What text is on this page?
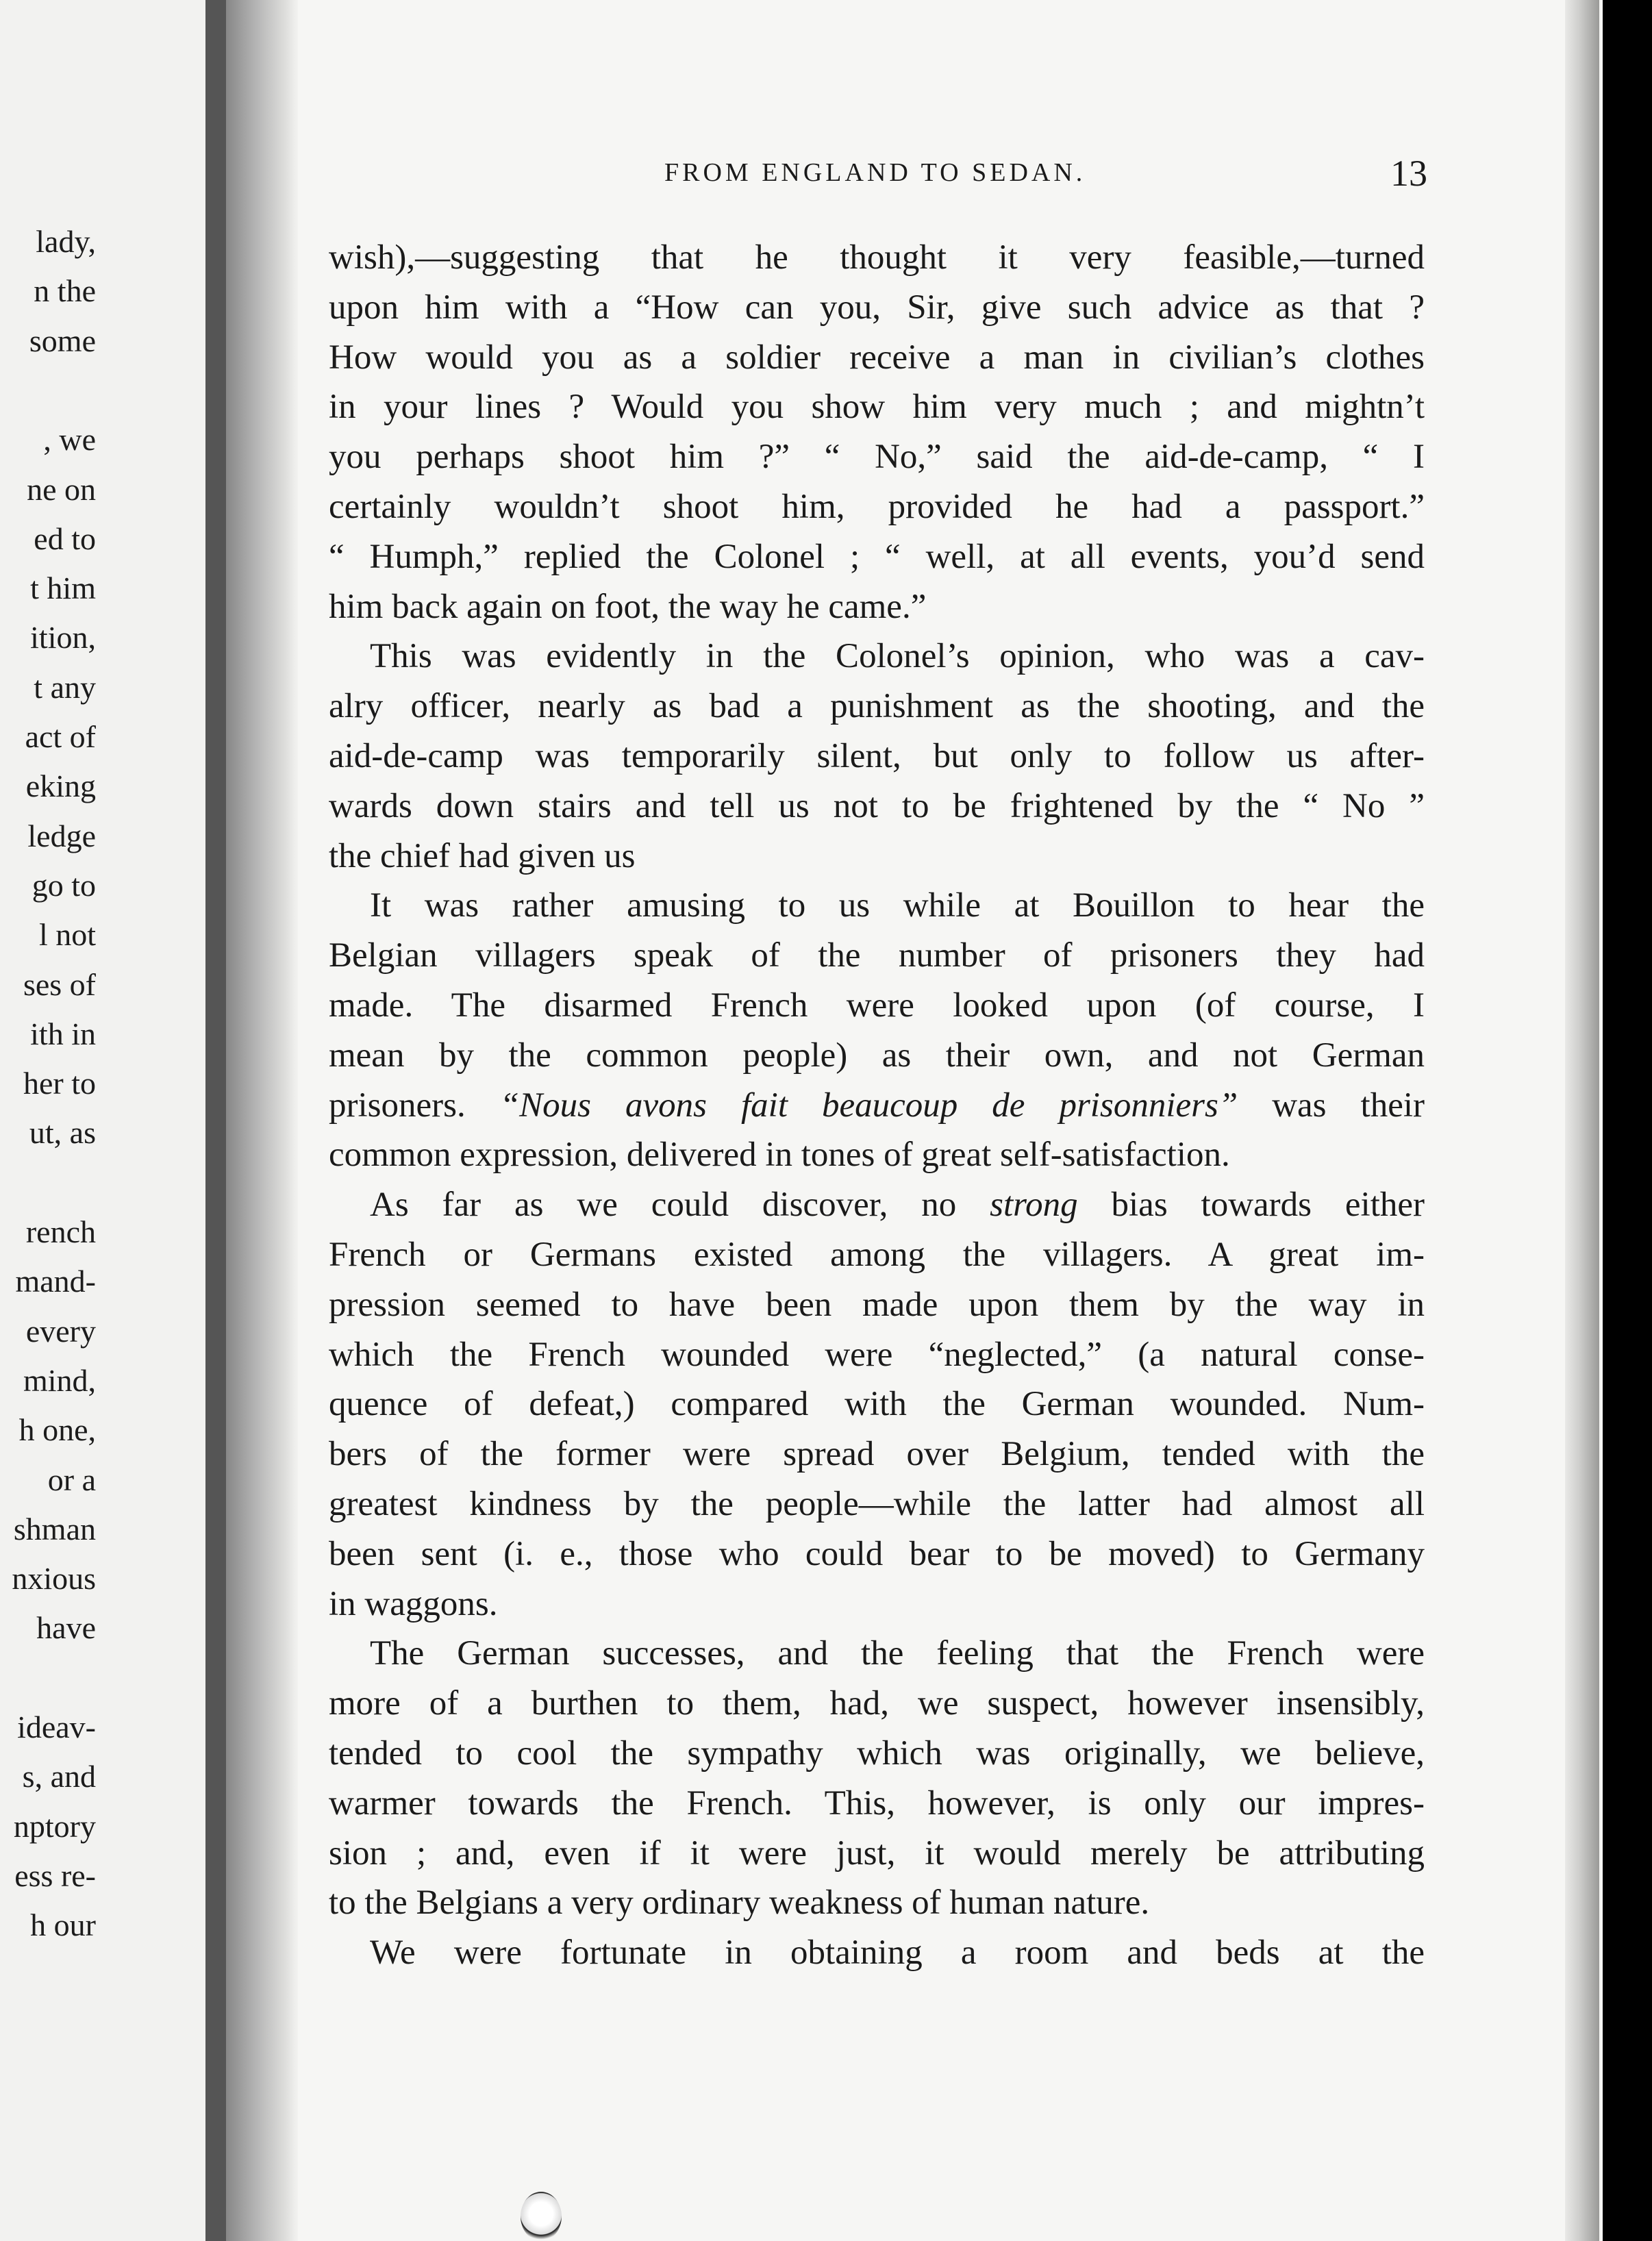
lady,
n the
some
, we
ne on
ed to
t him
ition,
t any
act of
eking
ledge
go to
l not
ses of
ith in
her to
ut, as
rench
mand-
every
mind,
h one,
or a
shman
nxious
have
ideav-
s, and
nptory
ess re-
h our
FROM ENGLAND TO SEDAN.	13
wish),—suggesting that he thought it very feasible,—turned
upon him with a “How can you, Sir, give such advice as that ?
How would you as a soldier receive a man in civilian’s clothes
in your lines ? Would you show him very much ; and mightn’t
you perhaps shoot him ?” “ No,” said the aid-de-camp, “ I
certainly wouldn’t shoot him, provided he had a passport.”
“ Humph,” replied the Colonel ; “ well, at all events, you’d send
him back again on foot, the way he came.”
This was evidently in the Colonel’s opinion, who was a cav-
alry officer, nearly as bad a punishment as the shooting, and the
aid-de-camp was temporarily silent, but only to follow us after-
wards down stairs and tell us not to be frightened by the “ No ”
the chief had given us
It was rather amusing to us while at Bouillon to hear the
Belgian villagers speak of the number of prisoners they had
made. The disarmed French were looked upon (of course, I
mean by the common people) as their own, and not German
prisoners. “Nous avons fait beaucoup de prisonniers” was their
common expression, delivered in tones of great self-satisfaction.
As far as we could discover, no strong bias towards either
French or Germans existed among the villagers. A great im-
pression seemed to have been made upon them by the way in
which the French wounded were “neglected,” (a natural conse-
quence of defeat,) compared with the German wounded. Num-
bers of the former were spread over Belgium, tended with the
greatest kindness by the people—while the latter had almost all
been sent (i. e., those who could bear to be moved) to Germany
in waggons.
The German successes, and the feeling that the French were
more of a burthen to them, had, we suspect, however insensibly,
tended to cool the sympathy which was originally, we believe,
warmer towards the French. This, however, is only our impres-
sion ; and, even if it were just, it would merely be attributing
to the Belgians a very ordinary weakness of human nature.
We were fortunate in obtaining a room and beds at the
